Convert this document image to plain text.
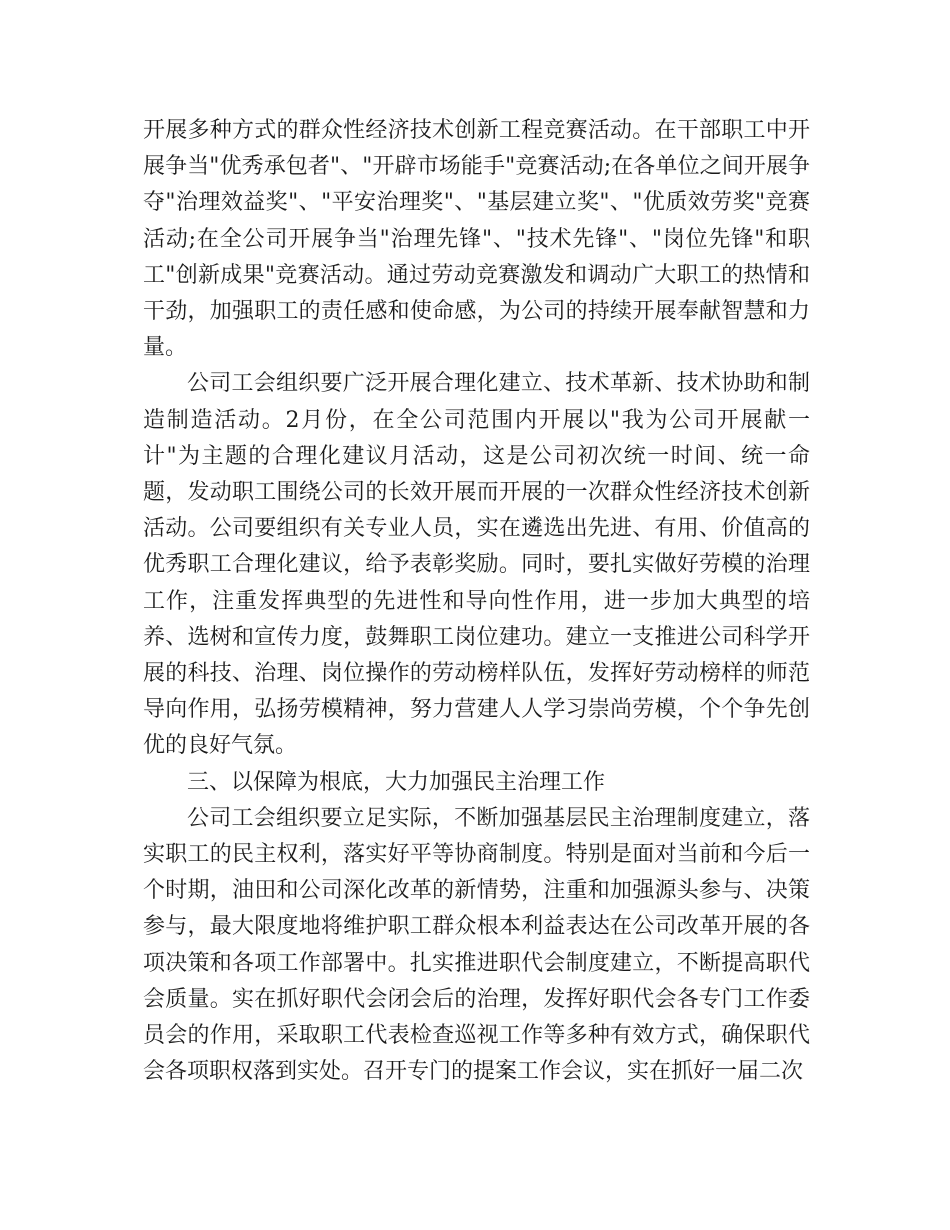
开展多种方式的群众性经济技术创新工程竞赛活动。在干部职工中开展争当"优秀承包者"、"开辟市场能手"竞赛活动;在各单位之间开展争夺"治理效益奖"、"平安治理奖"、"基层建立奖"、"优质效劳奖"竞赛活动;在全公司开展争当"治理先锋"、"技术先锋"、"岗位先锋"和职工"创新成果"竞赛活动。通过劳动竞赛激发和调动广大职工的热情和干劲，加强职工的责任感和使命感，为公司的持续开展奉献智慧和力量。

公司工会组织要广泛开展合理化建立、技术革新、技术协助和制造制造活动。2月份，在全公司范围内开展以"我为公司开展献一计"为主题的合理化建议月活动，这是公司初次统一时间、统一命题，发动职工围绕公司的长效开展而开展的一次群众性经济技术创新活动。公司要组织有关专业人员，实在遴选出先进、有用、价值高的优秀职工合理化建议，给予表彰奖励。同时，要扎实做好劳模的治理工作，注重发挥典型的先进性和导向性作用，进一步加大典型的培养、选树和宣传力度，鼓舞职工岗位建功。建立一支推进公司科学开展的科技、治理、岗位操作的劳动榜样队伍，发挥好劳动榜样的师范导向作用，弘扬劳模精神，努力营建人人学习崇尚劳模，个个争先创优的良好气氛。

三、以保障为根底，大力加强民主治理工作

公司工会组织要立足实际，不断加强基层民主治理制度建立，落实职工的民主权利，落实好平等协商制度。特别是面对当前和今后一个时期，油田和公司深化改革的新情势，注重和加强源头参与、决策参与，最大限度地将维护职工群众根本利益表达在公司改革开展的各项决策和各项工作部署中。扎实推进职代会制度建立，不断提高职代会质量。实在抓好职代会闭会后的治理，发挥好职代会各专门工作委员会的作用，采取职工代表检查巡视工作等多种有效方式，确保职代会各项职权落到实处。召开专门的提案工作会议，实在抓好一届二次
